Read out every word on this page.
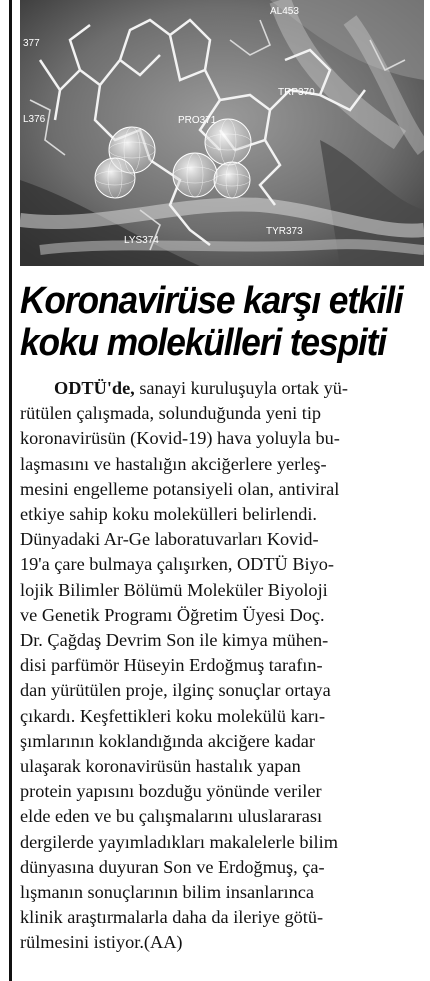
AL453
377
TRP370
L376	PRO371
LYS374
TYR373
Koronavirüse karşı etkili
koku molekülleri tespiti
ODTÜ'de, sanayi kuruluşuyla ortak yü-
rütülen çalışmada, solunduğunda yeni tip
koronavirüsün (Kovid-19) hava yoluyla bu-
laşmasını ve hastalığın akciğerlere yerleş-
mesini engelleme potansiyeli olan, antiviral
etkiye sahip koku molekülleri belirlendi.
Dünyadaki Ar-Ge laboratuvarları Kovid-
19'a çare bulmaya çalışırken, ODTÜ Biyo-
lojik Bilimler Bölümü Moleküler Biyoloji
ve Genetik Programı Öğretim Üyesi Doç.
Dr. Çağdaş Devrim Son ile kimya mühen-
disi parfümör Hüseyin Erdoğmuş tarafın-
dan yürütülen proje, ilginç sonuçlar ortaya
çıkardı. Keşfettikleri koku molekülü karı-
şımlarının koklandığında akciğere kadar
ulaşarak koronavirüsün hastalık yapan
protein yapısını bozduğu yönünde veriler
elde eden ve bu çalışmalarını uluslararası
dergilerde yayımladıkları makalelerle bilim
dünyasına duyuran Son ve Erdoğmuş, ça-
lışmanın sonuçlarının bilim insanlarınca
klinik araştırmalarla daha da ileriye götü-
rülmesini istiyor.(AA)
